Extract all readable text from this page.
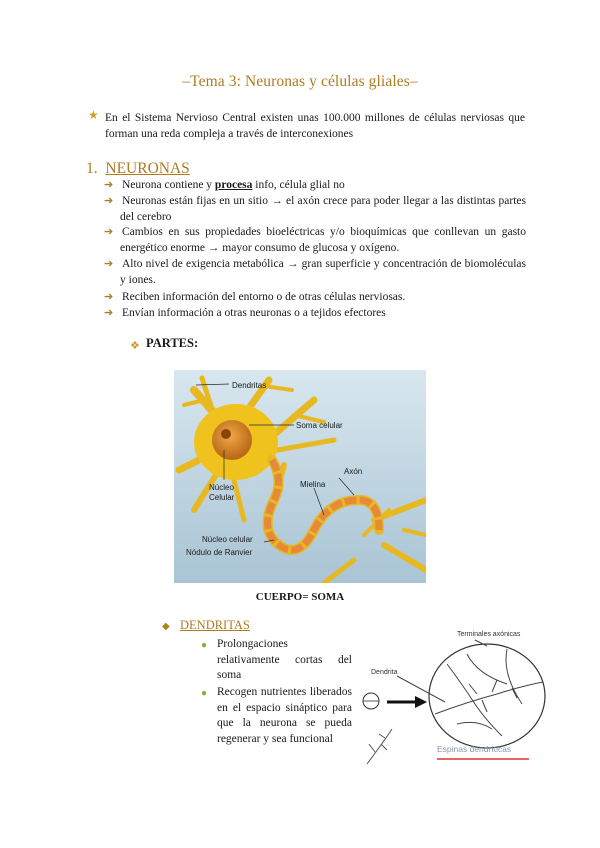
–Tema 3: Neuronas y células gliales–
★ En el Sistema Nervioso Central existen unas 100.000 millones de células nerviosas que forman una reda compleja a través de interconexiones
1. NEURONAS
➔ Neurona contiene y procesa info, célula glial no
➔ Neuronas están fijas en un sitio → el axón crece para poder llegar a las distintas partes del cerebro
➔ Cambios en sus propiedades bioeléctricas y/o bioquímicas que conllevan un gasto energético enorme → mayor consumo de glucosa y oxígeno.
➔ Alto nivel de exigencia metabólica → gran superficie y concentración de biomoléculas y iones.
➔ Reciben información del entorno o de otras células nerviosas.
➔ Envían información a otras neuronas o a tejidos efectores
❖ PARTES:
Dendritas
Soma celular
Núcleo
Celular
Axón
Mielina
Núcleo celular
Nódulo de Ranvier
CUERPO= SOMA
◆ DENDRITAS
● Prolongaciones relativamente cortas del soma
● Recogen nutrientes liberados en el espacio sináptico para que la neurona se pueda regenerar y sea funcional
Terminales axónicas
Dendrita
Espinas dendríticas
